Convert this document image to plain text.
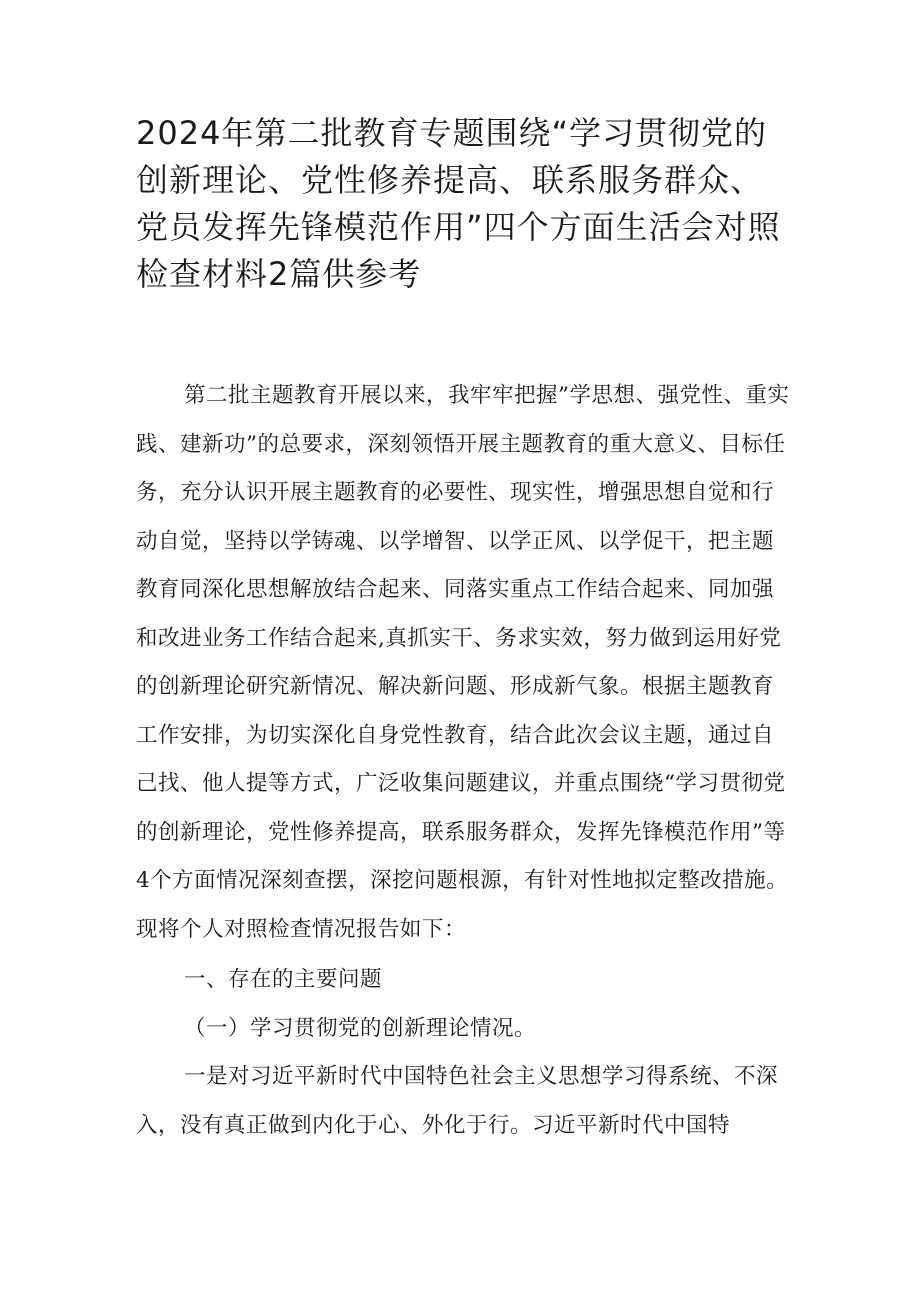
2024年第二批教育专题围绕“学习贯彻党的创新理论、党性修养提高、联系服务群众、党员发挥先锋模范作用”四个方面生活会对照检查材料2篇供参考

第二批主题教育开展以来，我牢牢把握”学思想、强党性、重实践、建新功”的总要求，深刻领悟开展主题教育的重大意义、目标任务，充分认识开展主题教育的必要性、现实性，增强思想自觉和行动自觉，坚持以学铸魂、以学增智、以学正风、以学促干，把主题教育同深化思想解放结合起来、同落实重点工作结合起来、同加强和改进业务工作结合起来,真抓实干、务求实效，努力做到运用好党的创新理论研究新情况、解决新问题、形成新气象。根据主题教育工作安排，为切实深化自身党性教育，结合此次会议主题，通过自己找、他人提等方式，广泛收集问题建议，并重点围绕“学习贯彻党的创新理论，党性修养提高，联系服务群众，发挥先锋模范作用”等4个方面情况深刻查摆，深挖问题根源，有针对性地拟定整改措施。现将个人对照检查情况报告如下：

一、存在的主要问题

（一）学习贯彻党的创新理论情况。

一是对习近平新时代中国特色社会主义思想学习得系统、不深入，没有真正做到内化于心、外化于行。习近平新时代中国特
